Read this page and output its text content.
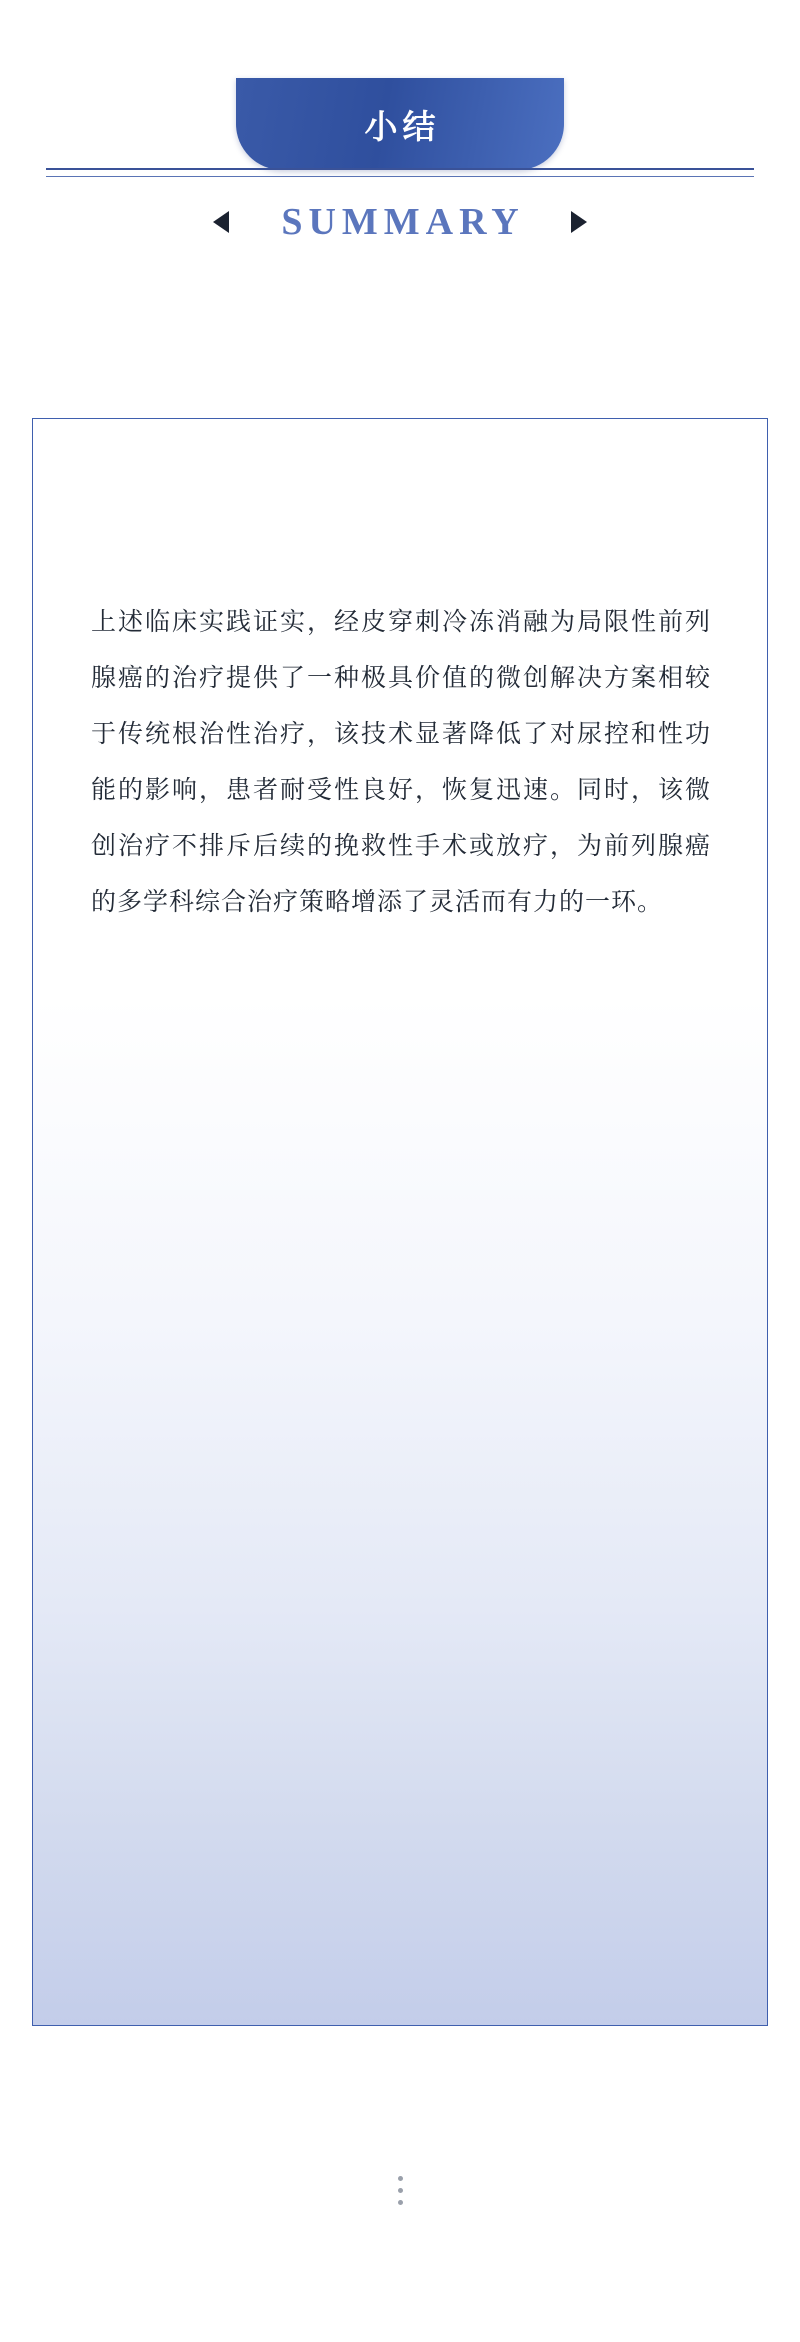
小结
SUMMARY

上述临床实践证实，经皮穿刺冷冻消融为局限性前列腺癌的治疗提供了一种极具价值的微创解决方案相较于传统根治性治疗，该技术显著降低了对尿控和性功能的影响，患者耐受性良好，恢复迅速。同时，该微创治疗不排斥后续的挽救性手术或放疗，为前列腺癌的多学科综合治疗策略增添了灵活而有力的一环。
